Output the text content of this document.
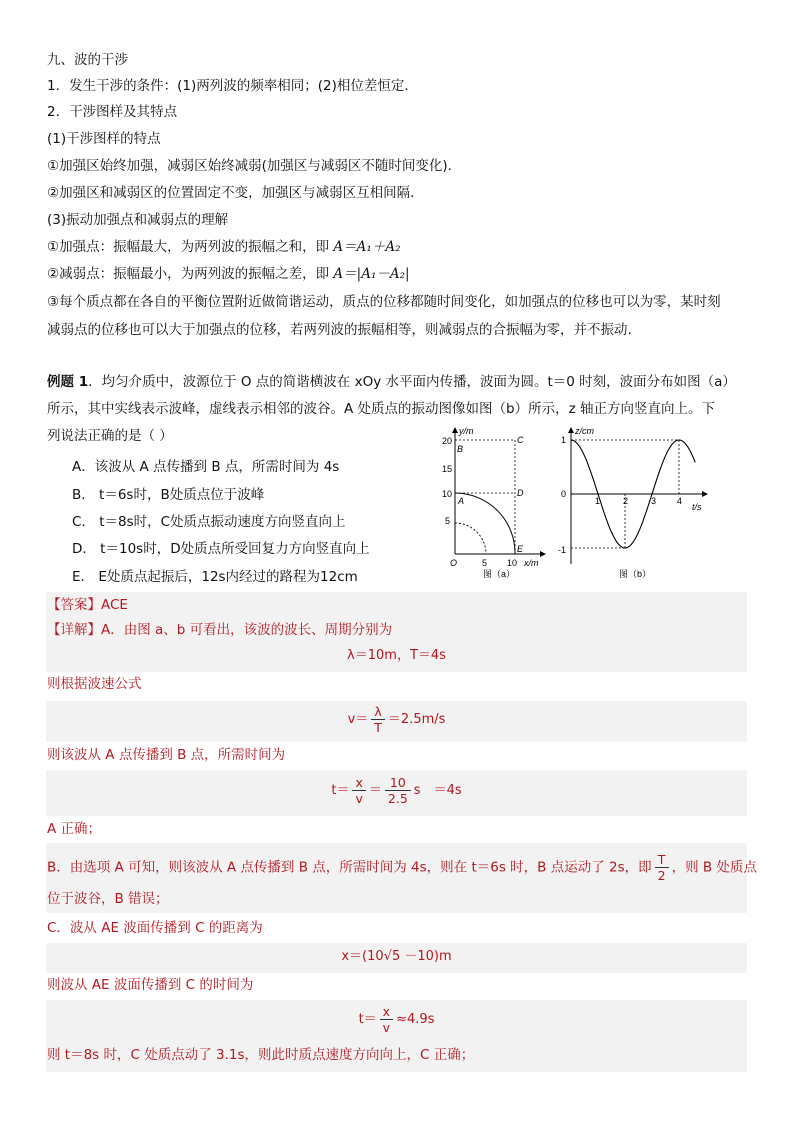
九、波的干涉
1．发生干涉的条件：(1)两列波的频率相同；(2)相位差恒定．
2．干涉图样及其特点
(1)干涉图样的特点
①加强区始终加强，减弱区始终减弱(加强区与减弱区不随时间变化)．
②加强区和减弱区的位置固定不变，加强区与减弱区互相间隔．
(3)振动加强点和减弱点的理解
①加强点：振幅最大，为两列波的振幅之和，即 A＝A₁＋A₂
②减弱点：振幅最小，为两列波的振幅之差，即 A＝|A₁－A₂|
③每个质点都在各自的平衡位置附近做简谐运动，质点的位移都随时间变化，如加强点的位移也可以为零，某时刻
减弱点的位移也可以大于加强点的位移，若两列波的振幅相等，则减弱点的合振幅为零，并不振动．
例题 1．均匀介质中，波源位于 O 点的简谐横波在 xOy 水平面内传播，波面为圆。t＝0 时刻，波面分布如图（a）
所示，其中实线表示波峰，虚线表示相邻的波谷。A 处质点的振动图像如图（b）所示，z 轴正方向竖直向上。下
列说法正确的是（ ）
A．该波从 A 点传播到 B 点，所需时间为 4s
B． t＝6s时，B处质点位于波峰
C． t＝8s时，C处质点振动速度方向竖直向上
D． t＝10s时，D处质点所受回复力方向竖直向上
E． E处质点起振后，12s内经过的路程为12cm
y/m
x/m
O
20
15
10
5
5 10
B
C
A
D
E
图（a）
z/cm
t/s
1
0
-1
1	2	3 4
图（b）
【答案】ACE
【详解】A．由图 a、b 可看出，该波的波长、周期分别为
λ＝10m，T＝4s
则根据波速公式
$v= \frac{\lambda}{T} =2.5m/s$
则该波从 A 点传播到 B 点，所需时间为
$t= \frac{x}{v} = \frac{10}{2.5}$ s　＝4s
A 正确；
B．由选项 A 可知，则该波从 A 点传播到 B 点，所需时间为 4s，则在 t＝6s 时，B 点运动了 2s，即 $\frac{T}{2}$ ，则 B 处质点
位于波谷，B 错误；
C．波从 AE 波面传播到 C 的距离为
x＝(10√5 －10)m
则波从 AE 波面传播到 C 的时间为
$t= \frac{x}{v} \approx 4.9s$
则 t＝8s 时，C 处质点动了 3.1s，则此时质点速度方向向上，C 正确；
